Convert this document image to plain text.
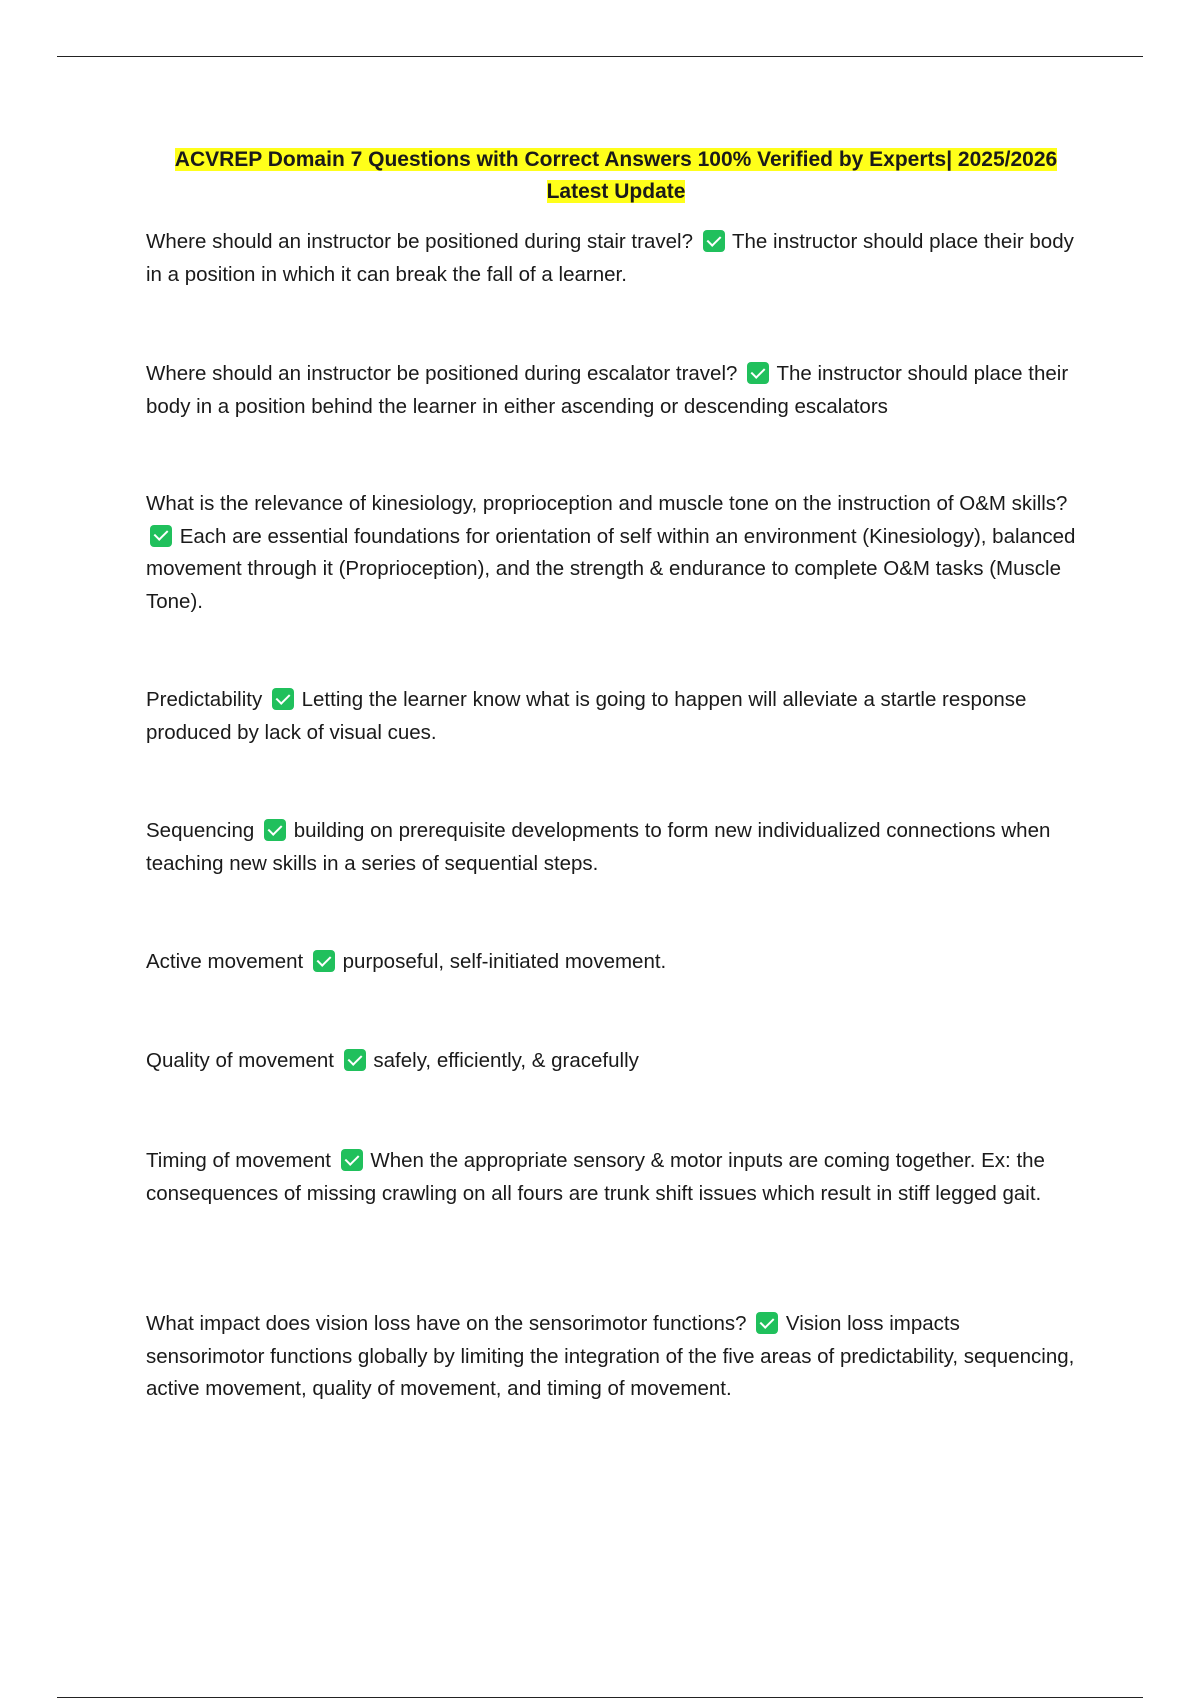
ACVREP Domain 7 Questions with Correct Answers 100% Verified by Experts| 2025/2026
Latest Update
Where should an instructor be positioned during stair travel? The instructor should place their body in a position in which it can break the fall of a learner.
Where should an instructor be positioned during escalator travel? The instructor should place their body in a position behind the learner in either ascending or descending escalators
What is the relevance of kinesiology, proprioception and muscle tone on the instruction of O&M skills?  Each are essential foundations for orientation of self within an environment (Kinesiology), balanced movement through it (Proprioception), and the strength & endurance to complete O&M tasks (Muscle Tone).
Predictability Letting the learner know what is going to happen will alleviate a startle response produced by lack of visual cues.
Sequencing building on prerequisite developments to form new individualized connections when teaching new skills in a series of sequential steps.
Active movement purposeful, self-initiated movement.
Quality of movement safely, efficiently, & gracefully
Timing of movement When the appropriate sensory & motor inputs are coming together. Ex: the consequences of missing crawling on all fours are trunk shift issues which result in stiff legged gait.
What impact does vision loss have on the sensorimotor functions? Vision loss impacts sensorimotor functions globally by limiting the integration of the five areas of predictability, sequencing, active movement, quality of movement, and timing of movement.
